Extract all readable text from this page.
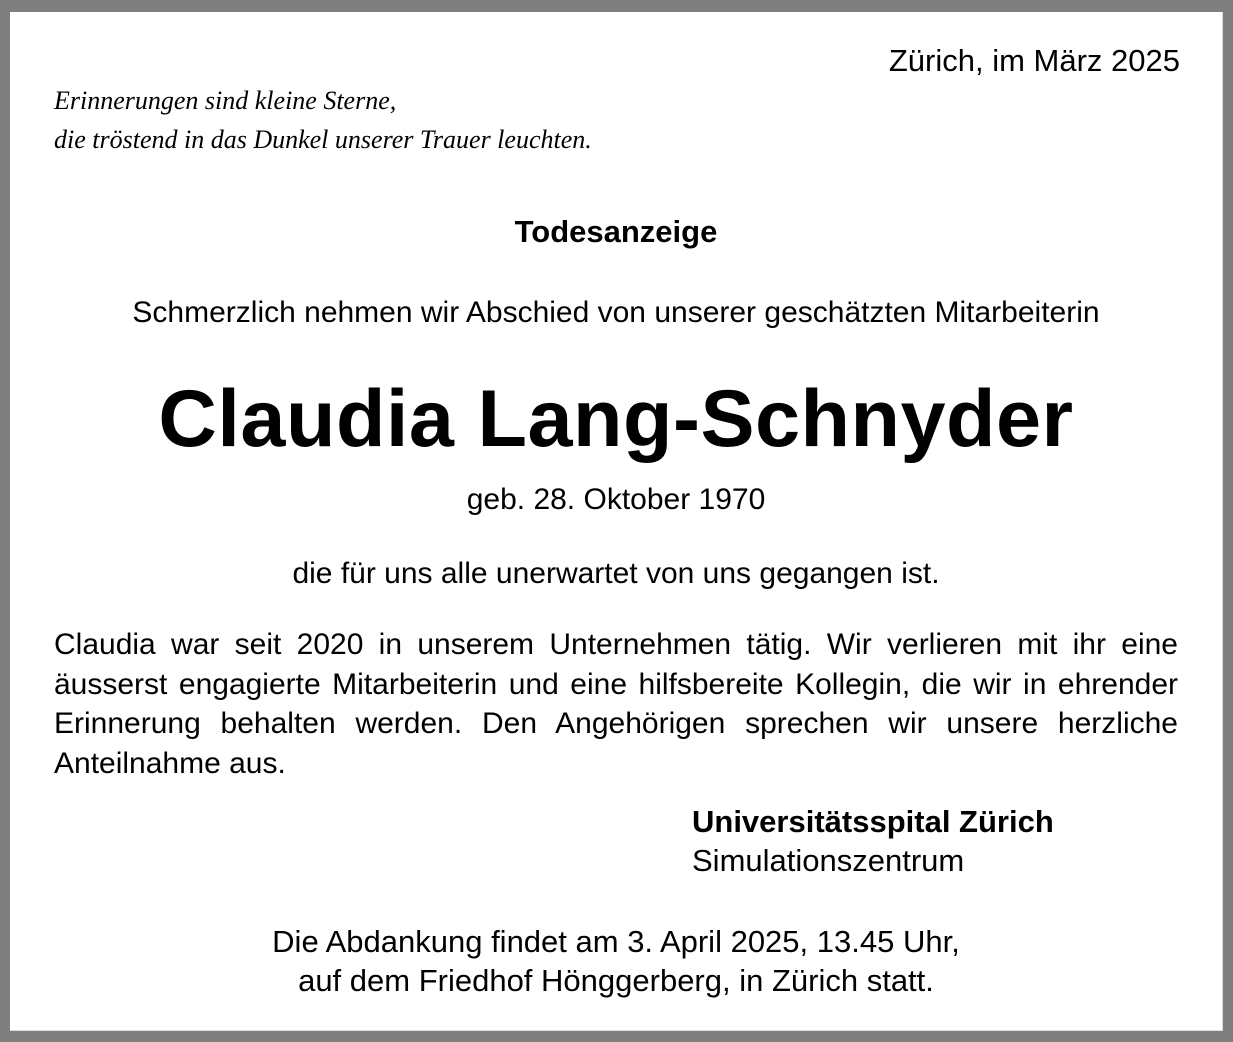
Zürich, im März 2025
Erinnerungen sind kleine Sterne,
die tröstend in das Dunkel unserer Trauer leuchten.
Todesanzeige
Schmerzlich nehmen wir Abschied von unserer geschätzten Mitarbeiterin
Claudia Lang-Schnyder
geb. 28. Oktober 1970
die für uns alle unerwartet von uns gegangen ist.
Claudia war seit 2020 in unserem Unternehmen tätig. Wir verlieren mit ihr eine äusserst engagierte Mitarbeiterin und eine hilfsbereite Kollegin, die wir in ehrender Erinnerung behalten werden. Den Angehörigen sprechen wir unsere herzliche Anteilnahme aus.
Universitätsspital Zürich
Simulationszentrum
Die Abdankung findet am 3. April 2025, 13.45 Uhr,
auf dem Friedhof Hönggerberg, in Zürich statt.
